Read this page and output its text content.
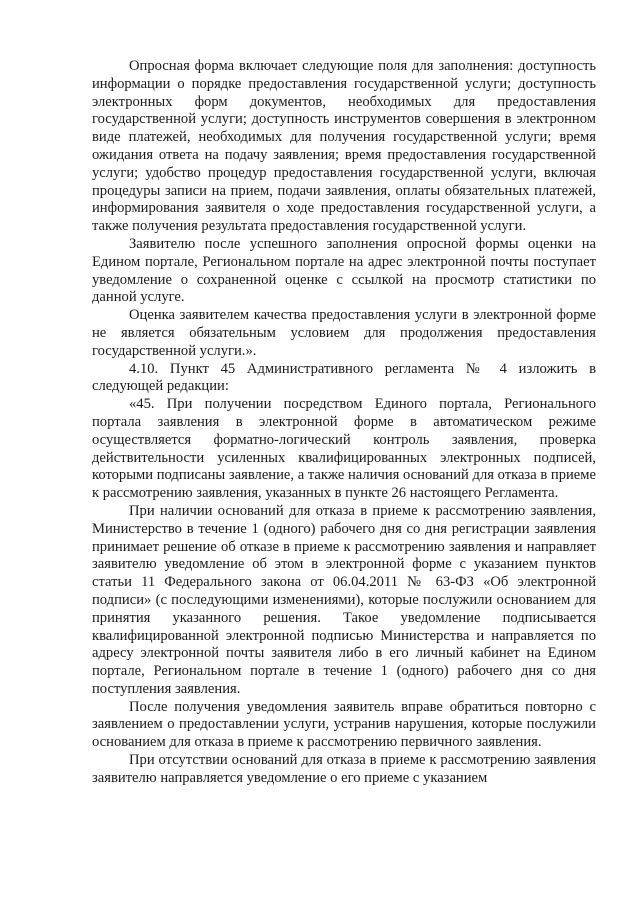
Опросная форма включает следующие поля для заполнения: доступность информации о порядке предоставления государственной услуги; доступность электронных форм документов, необходимых для предоставления государственной услуги; доступность инструментов совершения в электронном виде платежей, необходимых для получения государственной услуги; время ожидания ответа на подачу заявления; время предоставления государственной услуги; удобство процедур предоставления государственной услуги, включая процедуры записи на прием, подачи заявления, оплаты обязательных платежей, информирования заявителя о ходе предоставления государственной услуги, а также получения результата предоставления государственной услуги.

Заявителю после успешного заполнения опросной формы оценки на Едином портале, Региональном портале на адрес электронной почты поступает уведомление о сохраненной оценке с ссылкой на просмотр статистики по данной услуге.

Оценка заявителем качества предоставления услуги в электронной форме не является обязательным условием для продолжения предоставления государственной услуги.».

4.10. Пункт 45 Административного регламента № 4 изложить в следующей редакции:

«45. При получении посредством Единого портала, Регионального портала заявления в электронной форме в автоматическом режиме осуществляется форматно-логический контроль заявления, проверка действительности усиленных квалифицированных электронных подписей, которыми подписаны заявление, а также наличия оснований для отказа в приеме к рассмотрению заявления, указанных в пункте 26 настоящего Регламента.

При наличии оснований для отказа в приеме к рассмотрению заявления, Министерство в течение 1 (одного) рабочего дня со дня регистрации заявления принимает решение об отказе в приеме к рассмотрению заявления и направляет заявителю уведомление об этом в электронной форме с указанием пунктов статьи 11 Федерального закона от 06.04.2011 № 63-ФЗ «Об электронной подписи» (с последующими изменениями), которые послужили основанием для принятия указанного решения. Такое уведомление подписывается квалифицированной электронной подписью Министерства и направляется по адресу электронной почты заявителя либо в его личный кабинет на Едином портале, Региональном портале в течение 1 (одного) рабочего дня со дня поступления заявления.

После получения уведомления заявитель вправе обратиться повторно с заявлением о предоставлении услуги, устранив нарушения, которые послужили основанием для отказа в приеме к рассмотрению первичного заявления.

При отсутствии оснований для отказа в приеме к рассмотрению заявления заявителю направляется уведомление о его приеме с указанием
